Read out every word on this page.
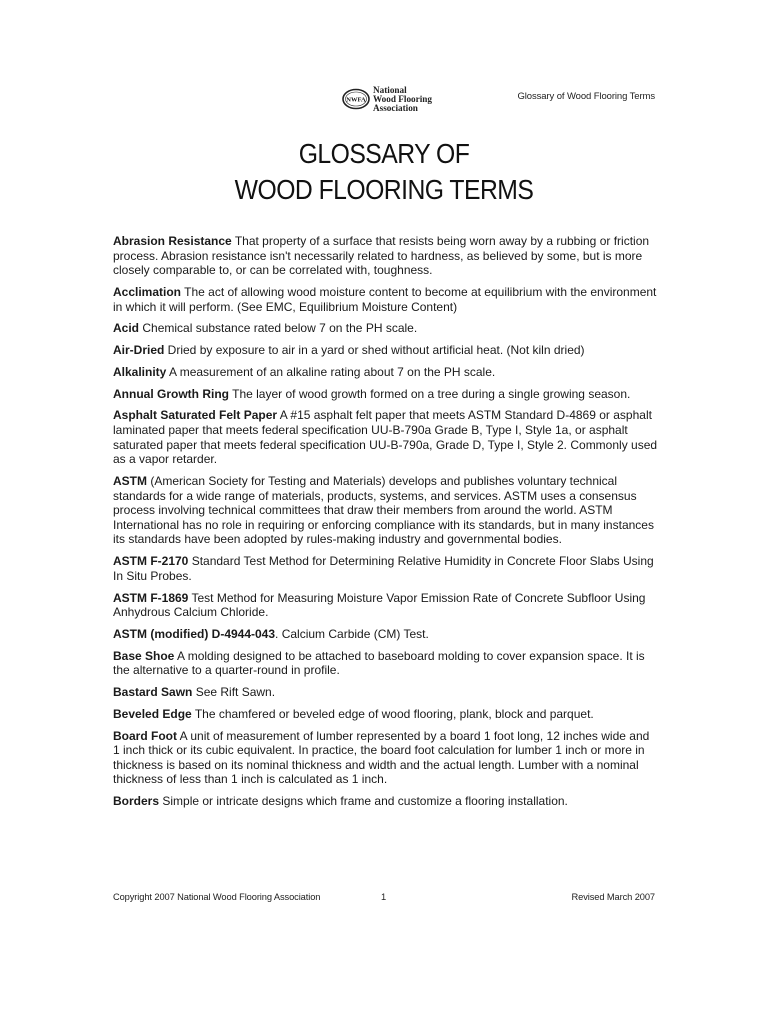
NWFA
National
Wood Flooring
Association
Glossary of Wood Flooring Terms
GLOSSARY OF
WOOD FLOORING TERMS

Abrasion Resistance That property of a surface that resists being worn away by a rubbing or friction process. Abrasion resistance isn't necessarily related to hardness, as believed by some, but is more closely comparable to, or can be correlated with, toughness.

Acclimation The act of allowing wood moisture content to become at equilibrium with the environment in which it will perform. (See EMC, Equilibrium Moisture Content)

Acid Chemical substance rated below 7 on the PH scale.

Air-Dried Dried by exposure to air in a yard or shed without artificial heat. (Not kiln dried)

Alkalinity A measurement of an alkaline rating about 7 on the PH scale.

Annual Growth Ring The layer of wood growth formed on a tree during a single growing season.

Asphalt Saturated Felt Paper A #15 asphalt felt paper that meets ASTM Standard D-4869 or asphalt laminated paper that meets federal specification UU-B-790a Grade B, Type I, Style 1a, or asphalt saturated paper that meets federal specification UU-B-790a, Grade D, Type I, Style 2. Commonly used as a vapor retarder.

ASTM (American Society for Testing and Materials) develops and publishes voluntary technical standards for a wide range of materials, products, systems, and services. ASTM uses a consensus process involving technical committees that draw their members from around the world. ASTM International has no role in requiring or enforcing compliance with its standards, but in many instances its standards have been adopted by rules-making industry and governmental bodies.

ASTM F-2170 Standard Test Method for Determining Relative Humidity in Concrete Floor Slabs Using In Situ Probes.

ASTM F-1869 Test Method for Measuring Moisture Vapor Emission Rate of Concrete Subfloor Using Anhydrous Calcium Chloride.

ASTM (modified) D-4944-043. Calcium Carbide (CM) Test.

Base Shoe A molding designed to be attached to baseboard molding to cover expansion space. It is the alternative to a quarter-round in profile.

Bastard Sawn See Rift Sawn.

Beveled Edge The chamfered or beveled edge of wood flooring, plank, block and parquet.

Board Foot A unit of measurement of lumber represented by a board 1 foot long, 12 inches wide and 1 inch thick or its cubic equivalent. In practice, the board foot calculation for lumber 1 inch or more in thickness is based on its nominal thickness and width and the actual length. Lumber with a nominal thickness of less than 1 inch is calculated as 1 inch.

Borders Simple or intricate designs which frame and customize a flooring installation.

Copyright 2007 National Wood Flooring Association	1	Revised March 2007
